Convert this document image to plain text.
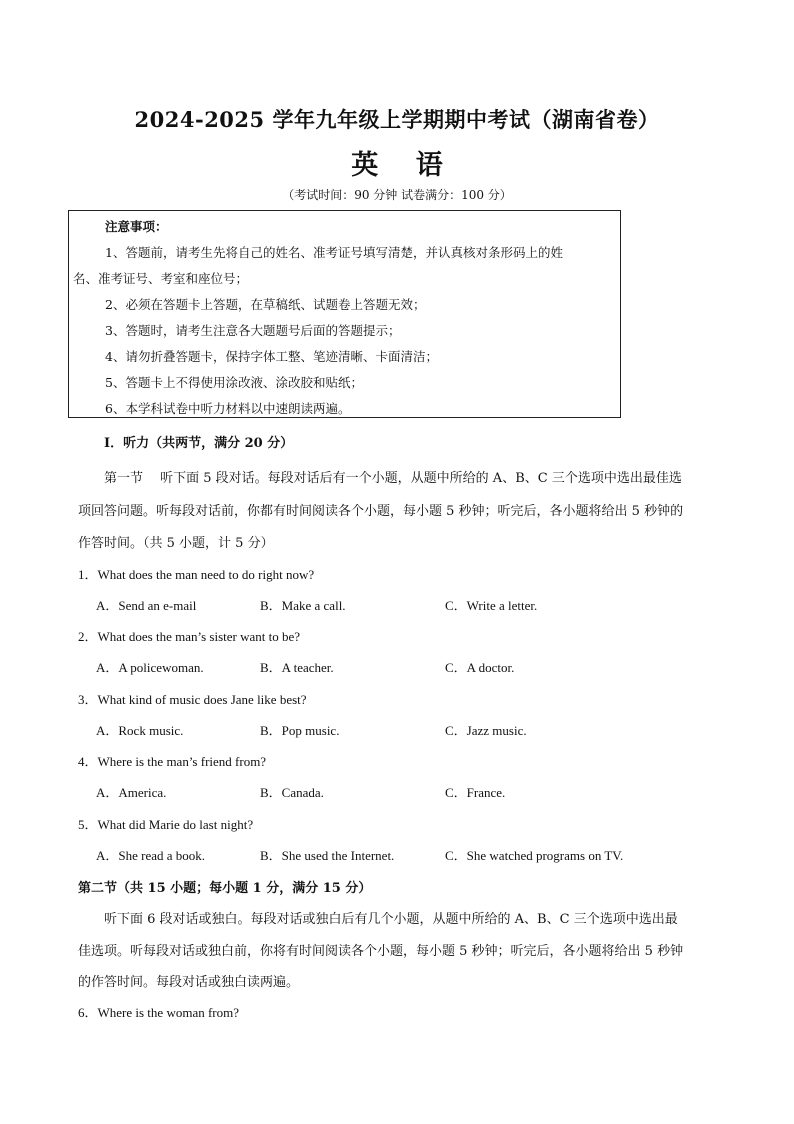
2024-2025 学年九年级上学期期中考试（湖南省卷）
英 语
（考试时间：90 分钟 试卷满分：100 分）
注意事项：
1、答题前，请考生先将自己的姓名、准考证号填写清楚，并认真核对条形码上的姓
名、准考证号、考室和座位号；
2、必须在答题卡上答题，在草稿纸、试题卷上答题无效；
3、答题时，请考生注意各大题题号后面的答题提示；
4、请勿折叠答题卡，保持字体工整、笔迹清晰、卡面清洁；
5、答题卡上不得使用涂改液、涂改胶和贴纸；
6、本学科试卷中听力材料以中速朗读两遍。
I．听力（共两节，满分 20 分）
第一节　 听下面 5 段对话。每段对话后有一个小题，从题中所给的 A、B、C 三个选项中选出最佳选
项回答问题。听每段对话前，你都有时间阅读各个小题，每小题 5 秒钟；听完后，各小题将给出 5 秒钟的
作答时间。（共 5 小题，计 5 分）
1．What does the man need to do right now?
A．Send an e-mail	B．Make a call.	C．Write a letter.
2．What does the man’s sister want to be?
A．A policewoman.	B．A teacher.	C．A doctor.
3．What kind of music does Jane like best?
A．Rock music.	B．Pop music.	C．Jazz music.
4．Where is the man’s friend from?
A．America.	B．Canada.	C．France.
5．What did Marie do last night?
A．She read a book.	B．She used the Internet.	C．She watched programs on TV.
第二节（共 15 小题；每小题 1 分，满分 15 分）
听下面 6 段对话或独白。每段对话或独白后有几个小题，从题中所给的 A、B、C 三个选项中选出最
佳选项。听每段对话或独白前，你将有时间阅读各个小题，每小题 5 秒钟；听完后，各小题将给出 5 秒钟
的作答时间。每段对话或独白读两遍。
6．Where is the woman from?
